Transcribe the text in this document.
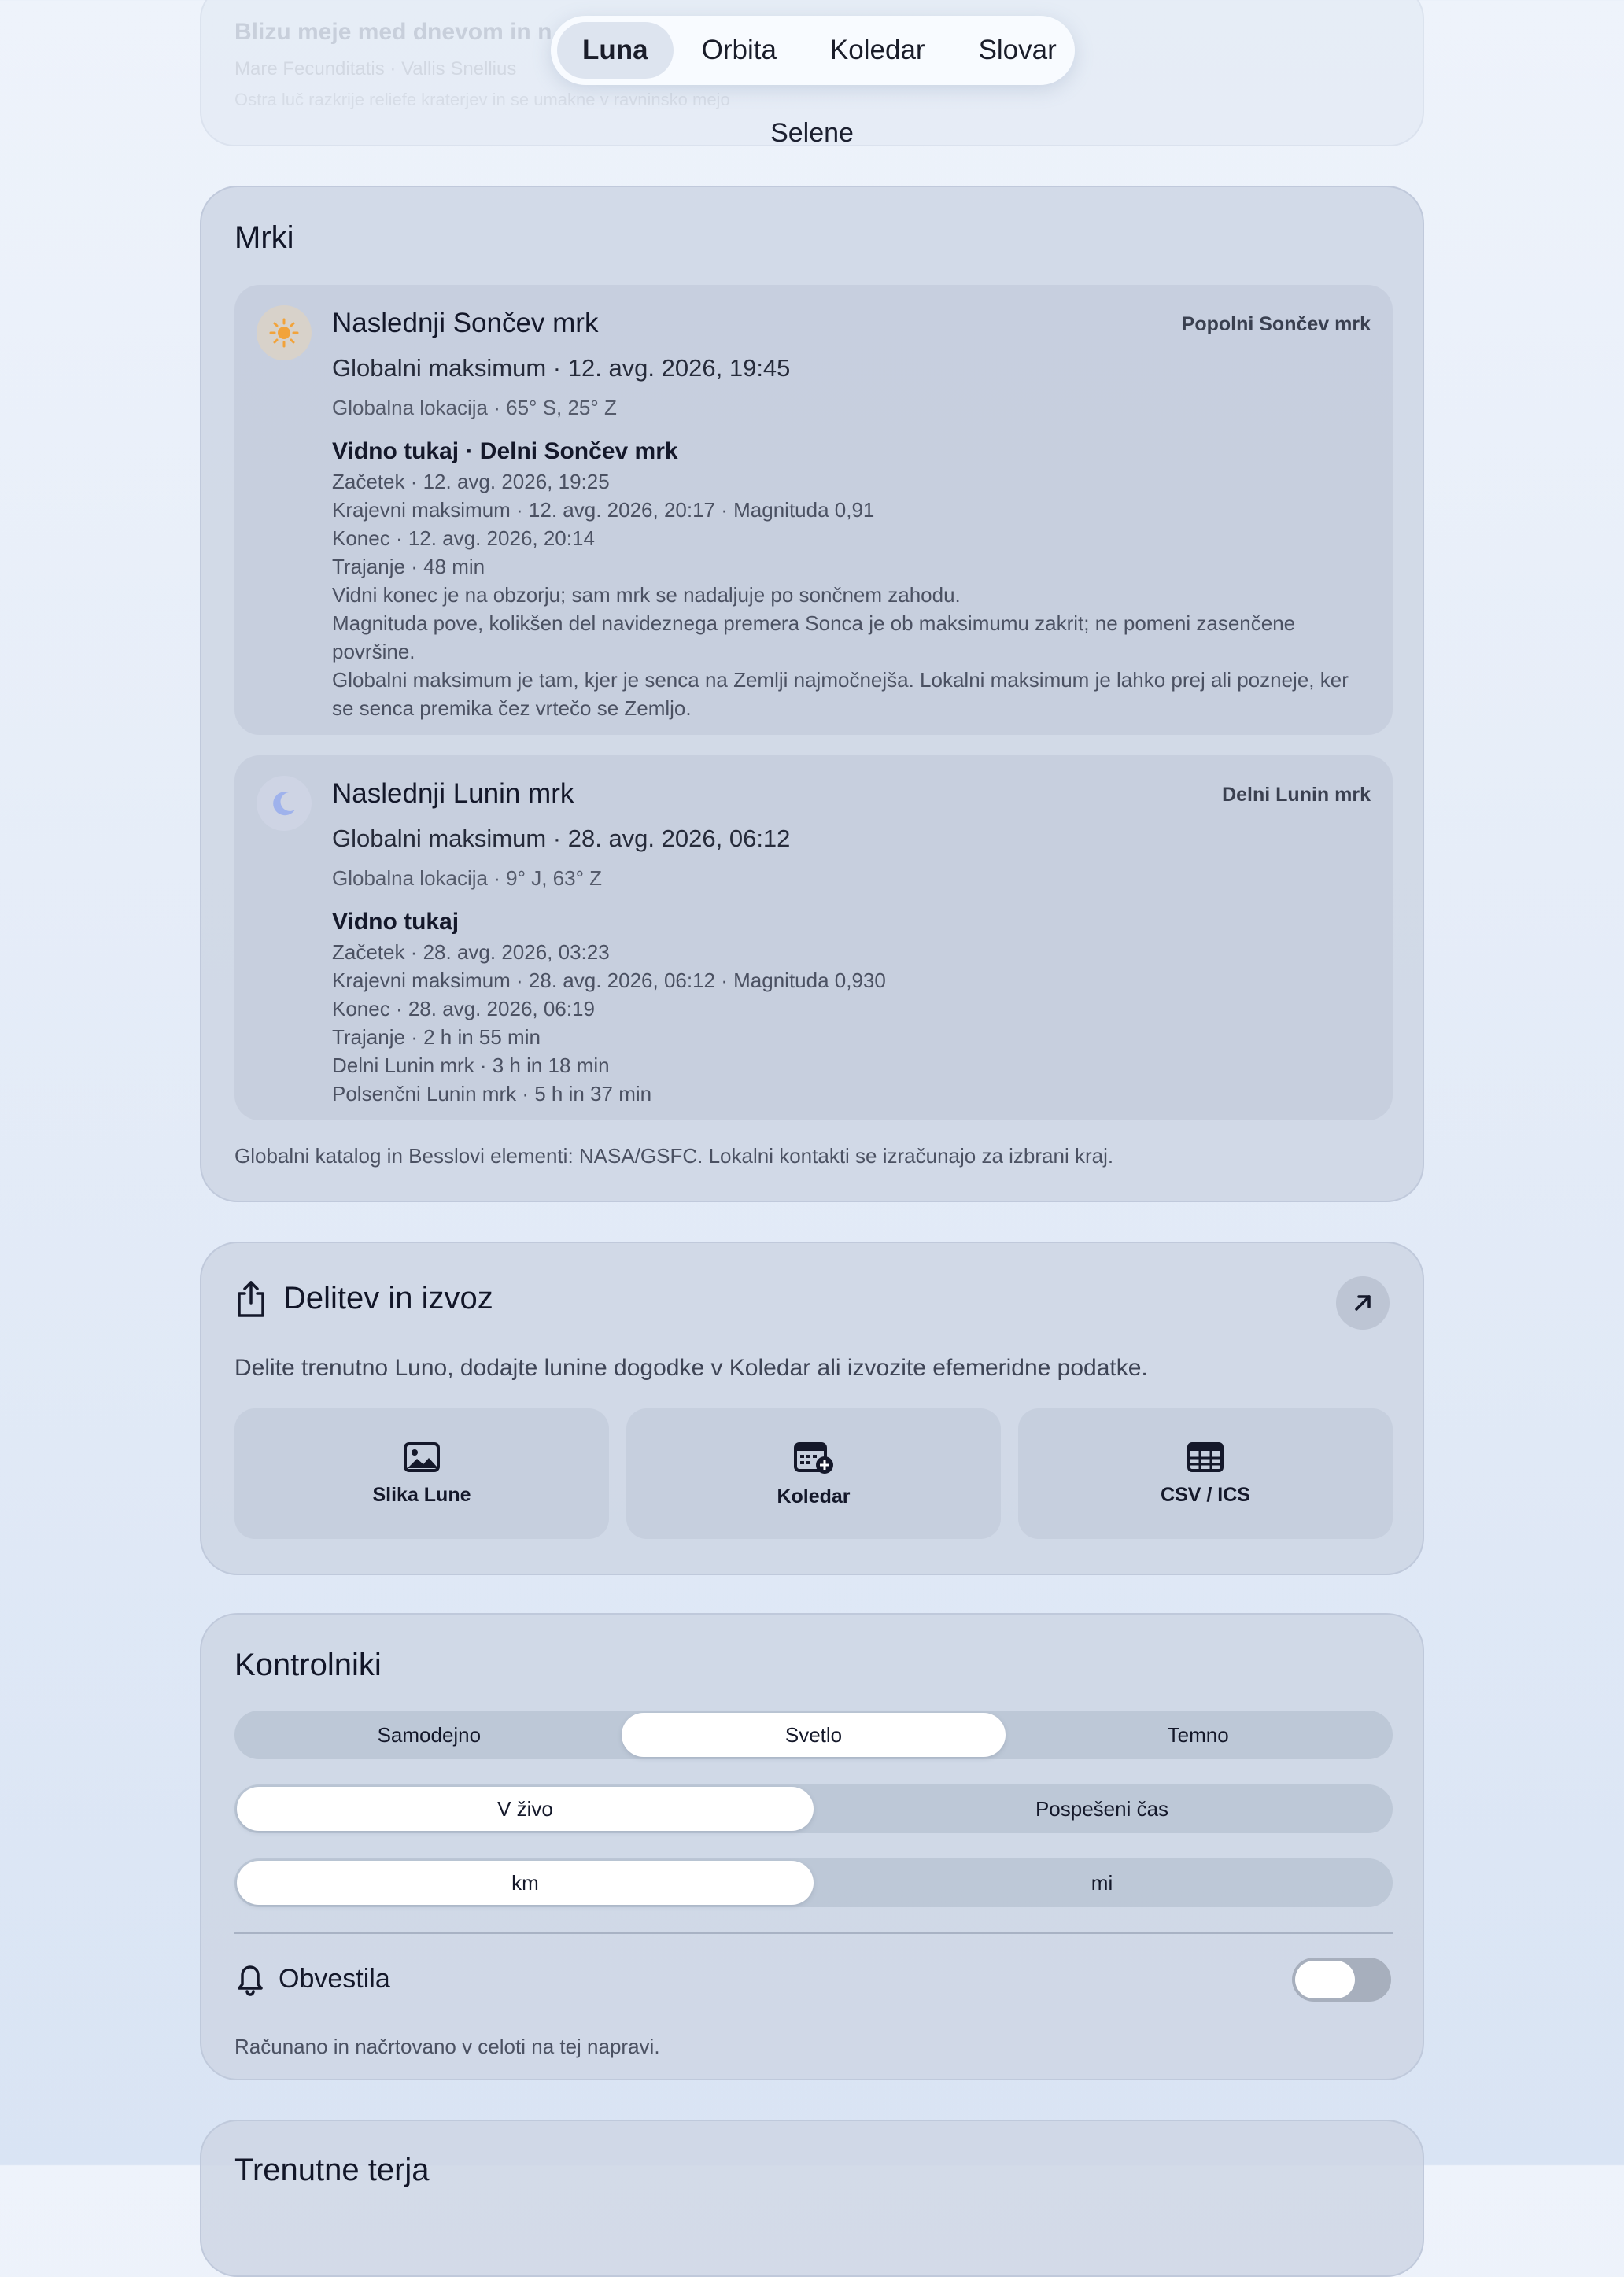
Blizu meje med dnevom in n
Mare Fecunditatis · Vallis Snellius
Ostra luč razkrije reliefe kraterjev in se umakne v ravninsko mejo
Luna	Orbita	Koledar	Slovar
Selene
Mrki
Popolni Sončev mrk
Naslednji Sončev mrk
Globalni maksimum · 12. avg. 2026, 19:45
Globalna lokacija · 65° S, 25° Z
Vidno tukaj · Delni Sončev mrk
Začetek · 12. avg. 2026, 19:25
Krajevni maksimum · 12. avg. 2026, 20:17 · Magnituda 0,91
Konec · 12. avg. 2026, 20:14
Trajanje · 48 min
Vidni konec je na obzorju; sam mrk se nadaljuje po sončnem zahodu.
Magnituda pove, kolikšen del navideznega premera Sonca je ob maksimumu zakrit; ne pomeni zasenčene površine.
Globalni maksimum je tam, kjer je senca na Zemlji najmočnejša. Lokalni maksimum je lahko prej ali pozneje, ker se senca premika čez vrtečo se Zemljo.
Delni Lunin mrk
Naslednji Lunin mrk
Globalni maksimum · 28. avg. 2026, 06:12
Globalna lokacija · 9° J, 63° Z
Vidno tukaj
Začetek · 28. avg. 2026, 03:23
Krajevni maksimum · 28. avg. 2026, 06:12 · Magnituda 0,930
Konec · 28. avg. 2026, 06:19
Trajanje · 2 h in 55 min
Delni Lunin mrk · 3 h in 18 min
Polsenčni Lunin mrk · 5 h in 37 min
Globalni katalog in Besslovi elementi: NASA/GSFC. Lokalni kontakti se izračunajo za izbrani kraj.
Delitev in izvoz
Delite trenutno Luno, dodajte lunine dogodke v Koledar ali izvozite efemeridne podatke.
Slika Lune	Koledar	CSV / ICS
Kontrolniki
Samodejno	Svetlo	Temno
V živo	Pospešeni čas
km	mi
Obvestila
Računano in načrtovano v celoti na tej napravi.
Trenutne terja
